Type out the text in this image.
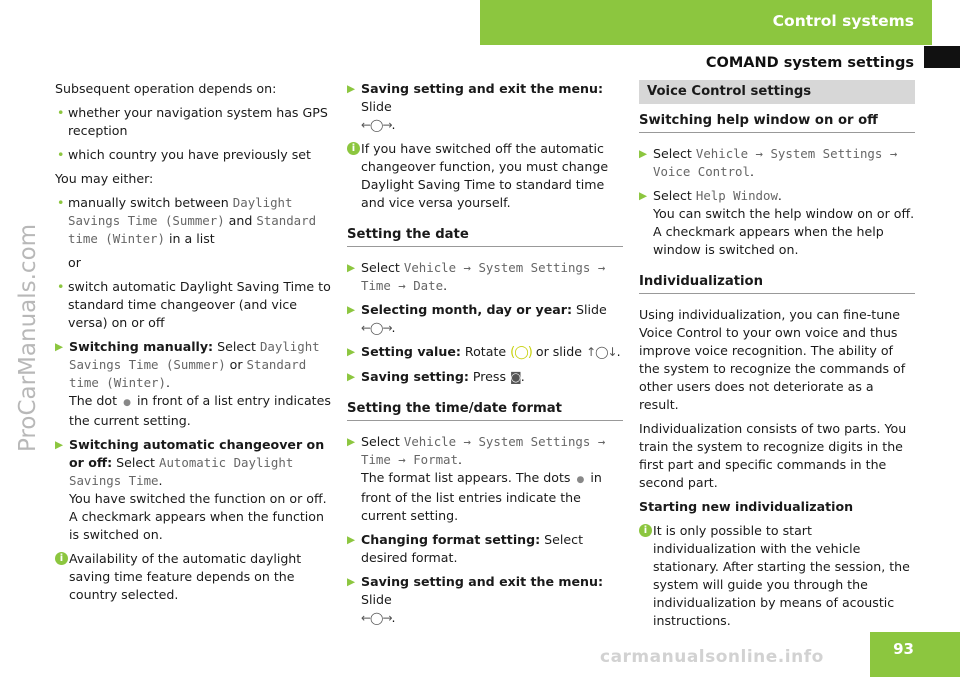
Control systems
COMAND system settings
ProCarManuals.com

Subsequent operation depends on:

• whether your navigation system has GPS reception
• which country you have previously set

You may either:

• manually switch between Daylight Savings Time (Summer) and Standard time (Winter) in a list

or

• switch automatic Daylight Saving Time to standard time changeover (and vice versa) on or off
▶ Switching manually: Select Daylight Savings Time (Summer) or Standard time (Winter).
The dot ● in front of a list entry indicates the current setting.
▶ Switching automatic changeover on or off: Select Automatic Daylight Savings Time.
You have switched the function on or off. A checkmark appears when the function is switched on.
i Availability of the automatic daylight saving time feature depends on the country selected.
▶ Saving setting and exit the menu: Slide
←◯→.
i If you have switched off the automatic changeover function, you must change Daylight Saving Time to standard time and vice versa yourself.
Setting the date
▶ Select Vehicle → System Settings → Time → Date.
▶ Selecting month, day or year: Slide
←◯→.
▶ Setting value: Rotate (◯) or slide ↑◯↓.
▶ Saving setting: Press ◙.
Setting the time/date format
▶ Select Vehicle → System Settings → Time → Format.
The format list appears. The dots ● in front of the list entries indicate the current setting.
▶ Changing format setting: Select desired format.
▶ Saving setting and exit the menu: Slide
←◯→.
Voice Control settings
Switching help window on or off
▶ Select Vehicle → System Settings → Voice Control.
▶ Select Help Window.
You can switch the help window on or off. A checkmark appears when the help window is switched on.
Individualization

Using individualization, you can fine-tune Voice Control to your own voice and thus improve voice recognition. The ability of the system to recognize the commands of other users does not deteriorate as a result.

Individualization consists of two parts. You train the system to recognize digits in the first part and specific commands in the second part.

Starting new individualization

i It is only possible to start individualization with the vehicle stationary. After starting the session, the system will guide you through the individualization by means of acoustic instructions.
carmanualsonline.info	93
